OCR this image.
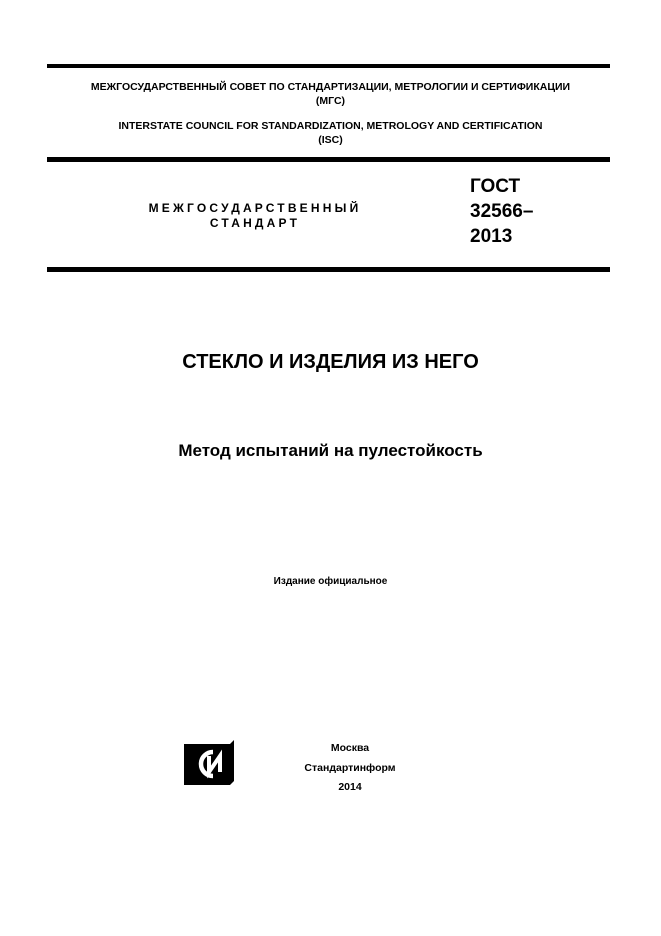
МЕЖГОСУДАРСТВЕННЫЙ СОВЕТ ПО СТАНДАРТИЗАЦИИ, МЕТРОЛОГИИ И СЕРТИФИКАЦИИ
(МГС)
INTERSTATE COUNCIL FOR STANDARDIZATION, METROLOGY AND CERTIFICATION
(ISC)
МЕЖГОСУДАРСТВЕННЫЙ
СТАНДАРТ
ГОСТ
32566–
2013
СТЕКЛО И ИЗДЕЛИЯ ИЗ НЕГО
Метод испытаний на пулестойкость
Издание официальное
Москва
Стандартинформ
2014
